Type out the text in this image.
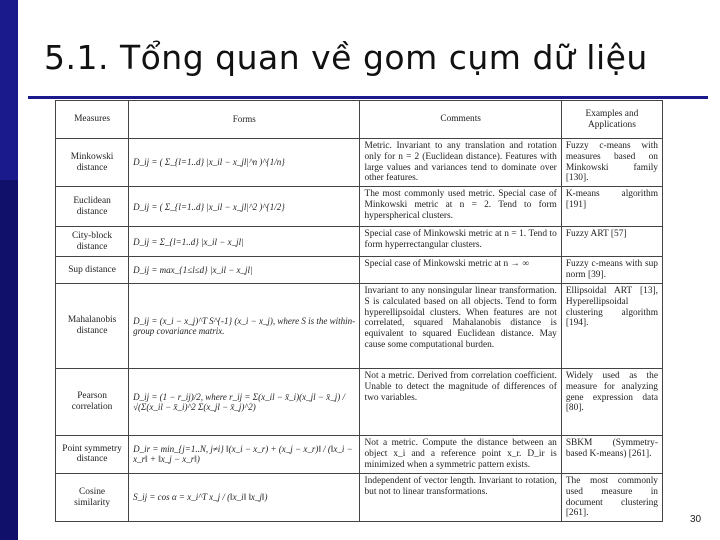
5.1. Tổng quan về gom cụm dữ liệu
Measures	Forms	Comments	Examples and Applications
Minkowski distance	D_ij = ( Σ_{l=1..d} |x_il − x_jl|^n )^{1/n}	Metric. Invariant to any translation and rotation only for n = 2 (Euclidean distance). Features with large values and variances tend to dominate over other features.	Fuzzy c-means with measures based on Minkowski family [130].
Euclidean distance	D_ij = ( Σ_{l=1..d} |x_il − x_jl|^2 )^{1/2}	The most commonly used metric. Special case of Minkowski metric at n = 2. Tend to form hyperspherical clusters.	K-means algorithm [191]
City-block distance	D_ij = Σ_{l=1..d} |x_il − x_jl|	Special case of Minkowski metric at n = 1. Tend to form hyperrectangular clusters.	Fuzzy ART [57]
Sup distance	D_ij = max_{1≤l≤d} |x_il − x_jl|	Special case of Minkowski metric at n → ∞	Fuzzy c-means with sup norm [39].
Mahalanobis distance	D_ij = (x_i − x_j)^T S^{-1} (x_i − x_j), where S is the within-group covariance matrix.	Invariant to any nonsingular linear transformation. S is calculated based on all objects. Tend to form hyperellipsoidal clusters. When features are not correlated, squared Mahalanobis distance is equivalent to squared Euclidean distance. May cause some computational burden.	Ellipsoidal ART [13], Hyperellipsoidal clustering algorithm [194].
Pearson correlation	D_ij = (1 − r_ij)/2, where r_ij = Σ(x_il − x̄_i)(x_jl − x̄_j) / √(Σ(x_il − x̄_i)^2 Σ(x_jl − x̄_j)^2)	Not a metric. Derived from correlation coefficient. Unable to detect the magnitude of differences of two variables.	Widely used as the measure for analyzing gene expression data [80].
Point symmetry distance	D_ir = min_{j=1..N, j≠i} ‖(x_i − x_r) + (x_j − x_r)‖ / (‖x_i − x_r‖ + ‖x_j − x_r‖)	Not a metric. Compute the distance between an object x_i and a reference point x_r. D_ir is minimized when a symmetric pattern exists.	SBKM (Symmetry-based K-means) [261].
Cosine similarity	S_ij = cos α = x_i^T x_j / (‖x_i‖ ‖x_j‖)	Independent of vector length. Invariant to rotation, but not to linear transformations.	The most commonly used measure in document clustering [261].
30
